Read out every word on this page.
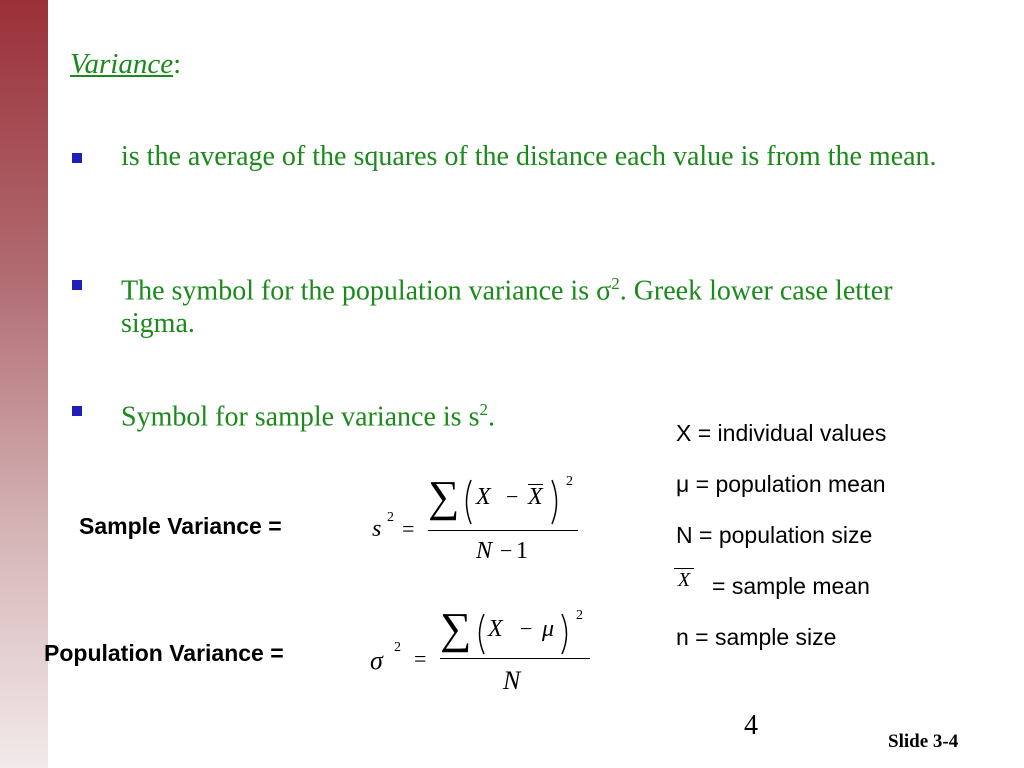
Variance:
is the average of the squares of the distance each value is from the mean.
The symbol for the population variance is $\sigma^2$. Greek lower case letter sigma.
Symbol for sample variance is $s^2$.
X = individual values
μ = population mean
N = population size
X = sample mean
n = sample size
Sample Variance =	s 2 =
∑ X − X
2
N − 1
Population Variance =	σ 2 =
∑ X − μ
2
N
4
Slide 3-4
